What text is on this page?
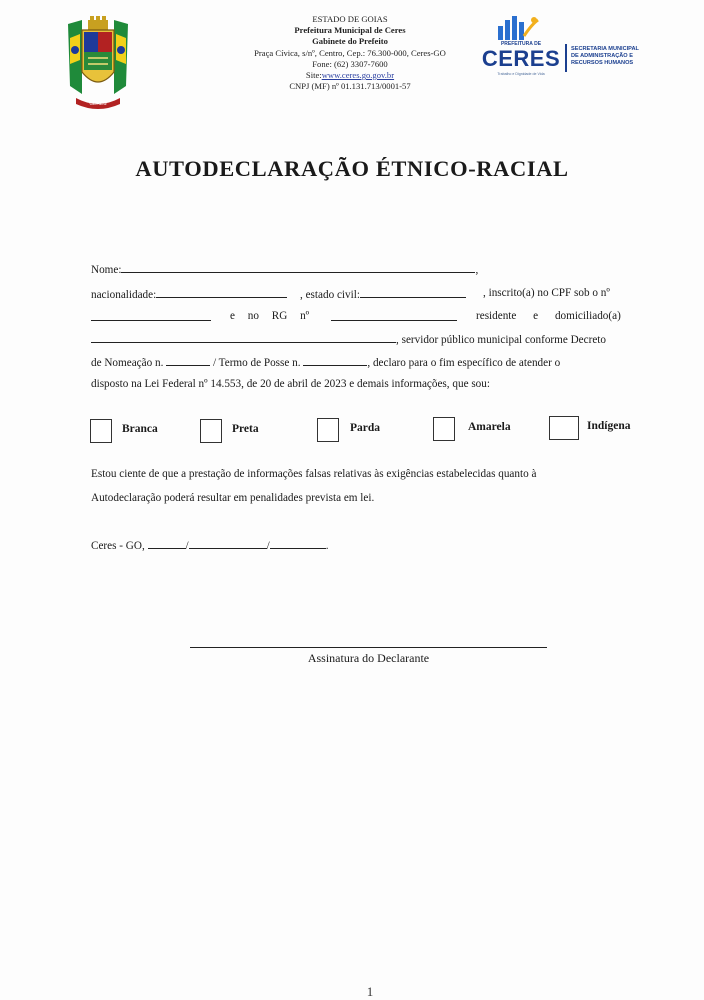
CERES
ESTADO DE GOIAS
Prefeitura Municipal de Ceres
Gabinete do Prefeito
Praça Cívica, s/nº, Centro, Cep.: 76.300-000, Ceres-GO
Fone: (62) 3307-7600
Site:www.ceres.go.gov.br
CNPJ (MF) nº 01.131.713/0001-57
PREFEITURA DE
CERES
Trabalho e Dignidade de Vida
SECRETARIA MUNICIPAL
DE ADMINISTRAÇÃO E
RECURSOS HUMANOS
AUTODECLARAÇÃO ÉTNICO-RACIAL
Nome:	,
nacionalidade:	, estado civil:	, inscrito(a) no CPF sob o nº
e no RG nº	residente e domiciliado(a)
, servidor público municipal conforme Decreto
de Nomeação n.	/ Termo de Posse n.	, declaro para o fim específico de atender o
disposto na Lei Federal nº 14.553, de 20 de abril de 2023 e demais informações, que sou:
Branca	Preta	Parda	Amarela	Indígena
Estou ciente de que a prestação de informações falsas relativas às exigências estabelecidas quanto à
Autodeclaração poderá resultar em penalidades prevista em lei.
Ceres - GO,	/	/	.
Assinatura do Declarante
1
